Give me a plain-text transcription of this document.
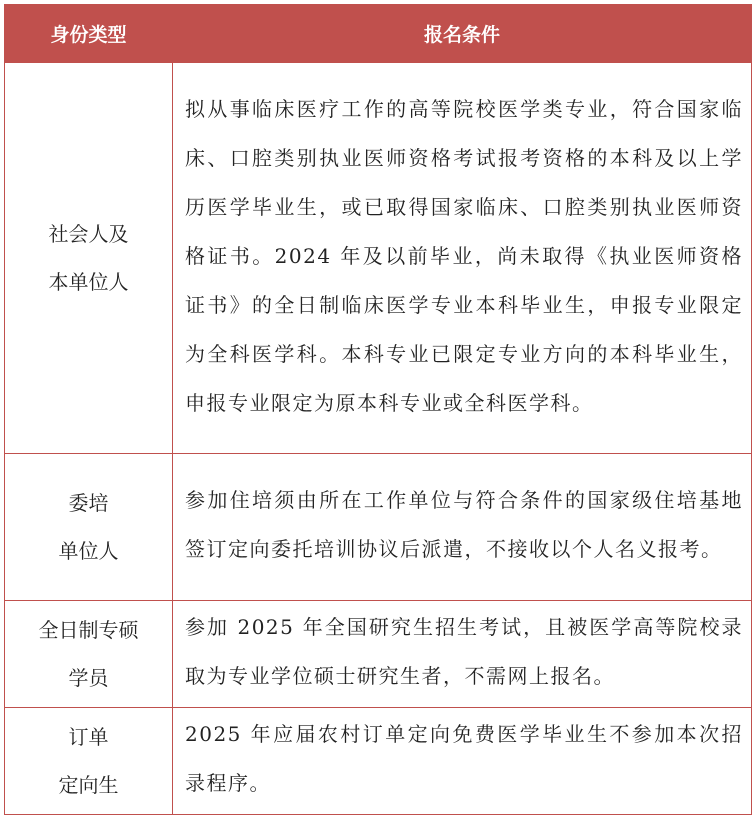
身份类型	报名条件

社会人及
本单位人	拟从事临床医疗工作的高等院校医学类专业，符合国家临床、口腔类别执业医师资格考试报考资格的本科及以上学历医学毕业生，或已取得国家临床、口腔类别执业医师资格证书。2024 年及以前毕业，尚未取得《执业医师资格证书》的全日制临床医学专业本科毕业生，申报专业限定为全科医学科。本科专业已限定专业方向的本科毕业生，申报专业限定为原本科专业或全科医学科。

委培
单位人	参加住培须由所在工作单位与符合条件的国家级住培基地签订定向委托培训协议后派遣，不接收以个人名义报考。

全日制专硕
学员	参加 2025 年全国研究生招生考试，且被医学高等院校录取为专业学位硕士研究生者，不需网上报名。

订单
定向生	2025 年应届农村订单定向免费医学毕业生不参加本次招录程序。
